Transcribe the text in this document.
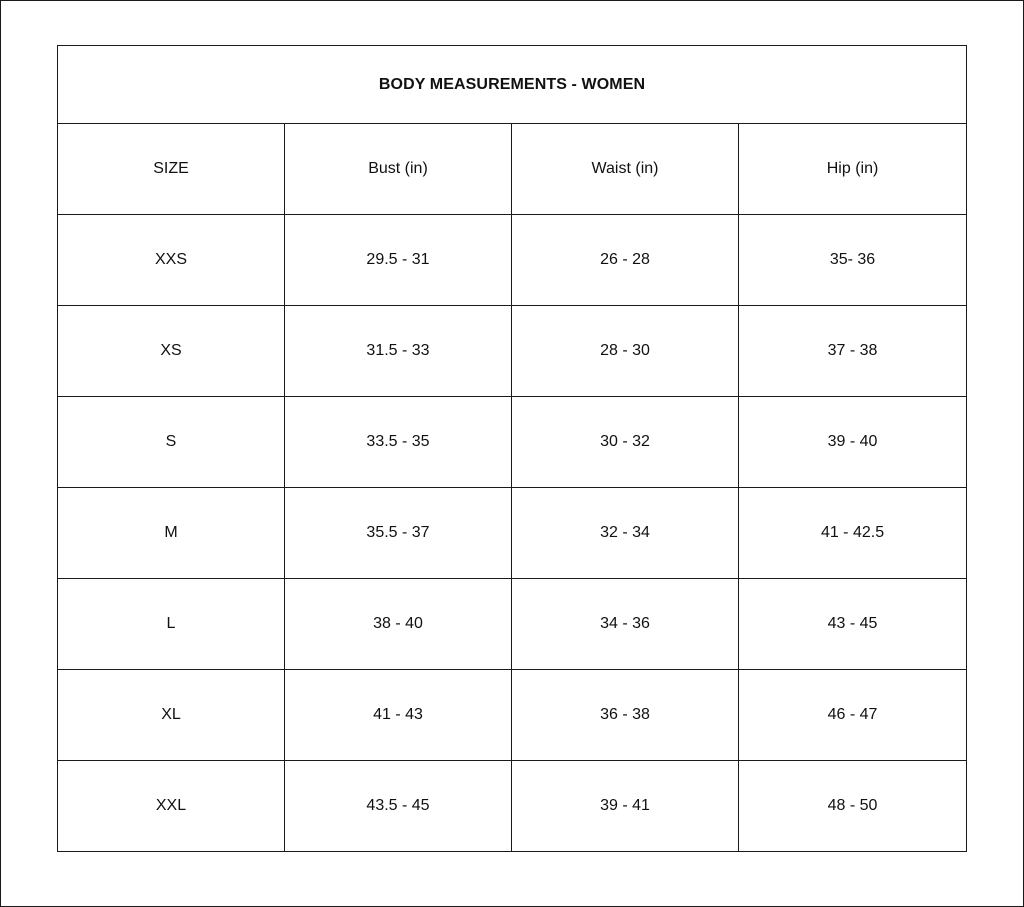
BODY MEASUREMENTS - WOMEN			
SIZE	Bust (in)	Waist (in)	Hip (in)
XXS	29.5 - 31	26 - 28	35- 36
XS	31.5 - 33	28 - 30	37 - 38
S	33.5 - 35	30 - 32	39 - 40
M	35.5 - 37	32 - 34	41 - 42.5
L	38 - 40	34 - 36	43 - 45
XL	41 - 43	36 - 38	46 - 47
XXL	43.5 - 45	39 - 41	48 - 50
